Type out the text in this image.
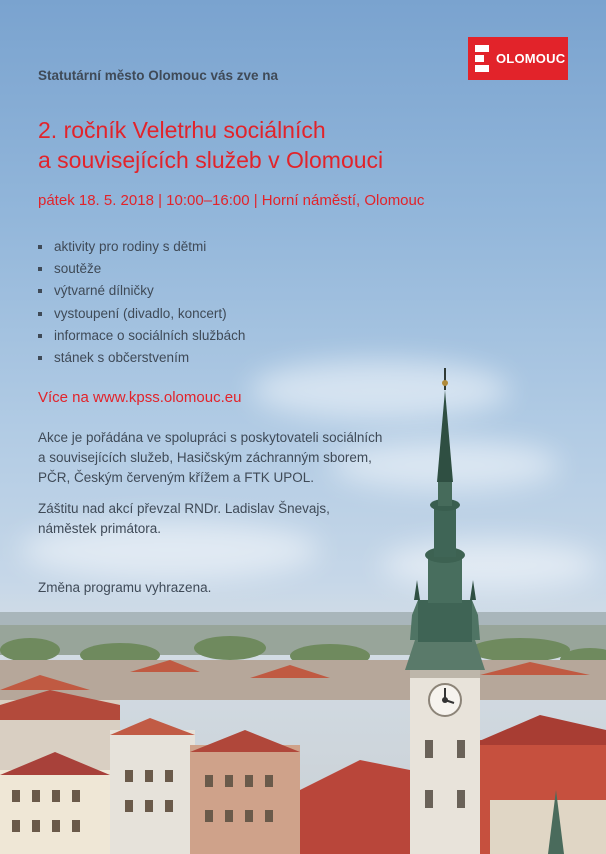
OLOMOUC

Statutární město Olomouc vás zve na

2. ročník Veletrhu sociálních
a souvisejících služeb v Olomouci
pátek 18. 5. 2018 | 10:00–16:00 | Horní náměstí, Olomouc
aktivity pro rodiny s dětmi
soutěže
výtvarné dílničky
vystoupení (divadlo, koncert)
informace o sociálních službách
stánek s občerstvením
Více na www.kpss.olomouc.eu

Akce je pořádána ve spolupráci s poskytovateli sociálních
a souvisejících služeb, Hasičským záchranným sborem,
PČR, Českým červeným křížem a FTK UPOL.

Záštitu nad akcí převzal RNDr. Ladislav Šnevajs,
náměstek primátora.

Změna programu vyhrazena.
